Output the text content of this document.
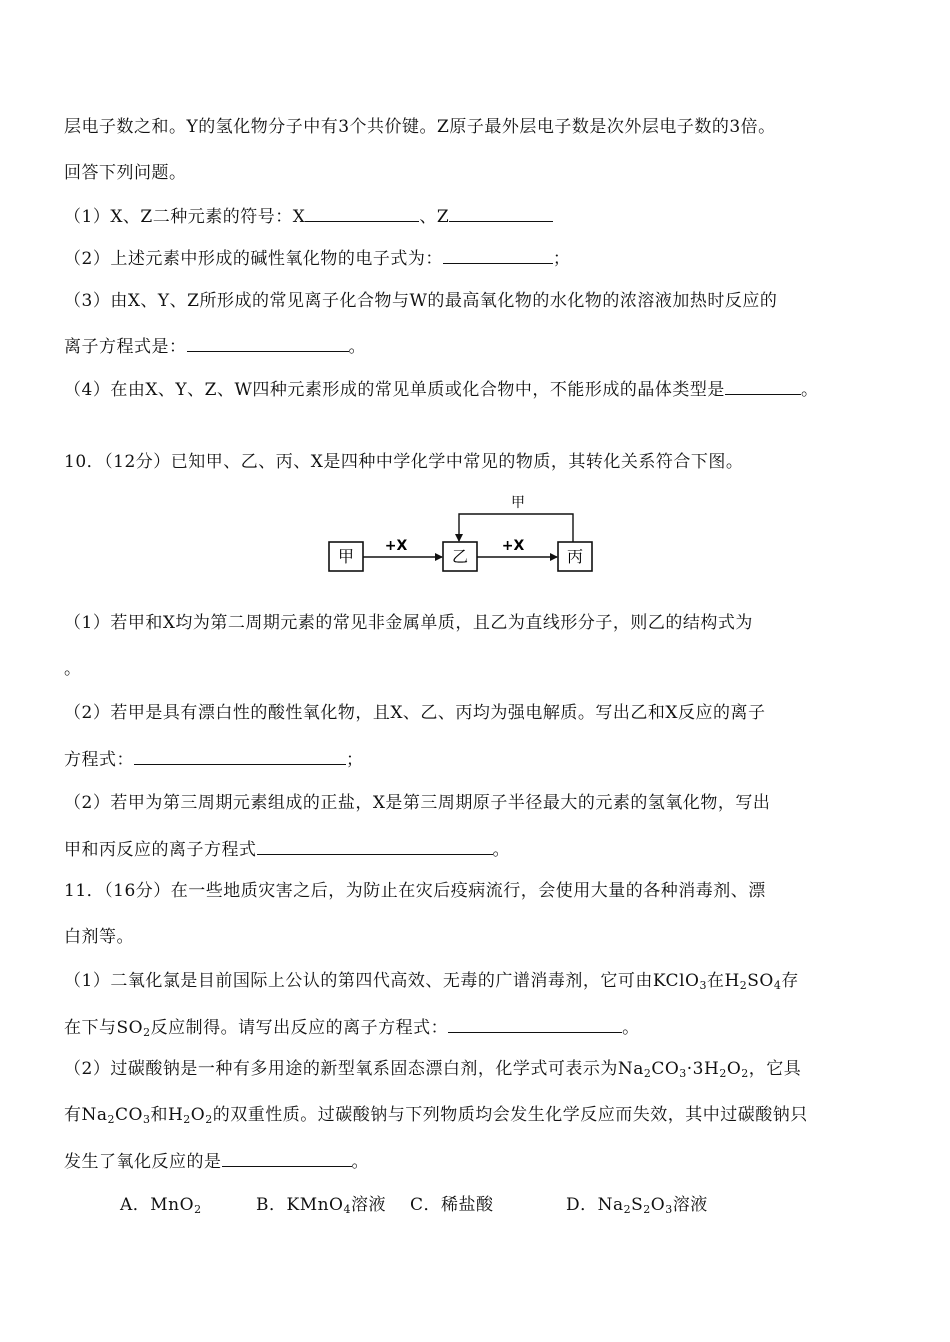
层电子数之和。Y的氢化物分子中有3个共价键。Z原子最外层电子数是次外层电子数的3倍。
回答下列问题。
（1）X、Z二种元素的符号：X	、Z
（2）上述元素中形成的碱性氧化物的电子式为：	；
（3）由X、Y、Z所形成的常见离子化合物与W的最高氧化物的水化物的浓溶液加热时反应的
离子方程式是：	。
（4）在由X、Y、Z、W四种元素形成的常见单质或化合物中，不能形成的晶体类型是	。
10．（12分）已知甲、乙、丙、X是四种中学化学中常见的物质，其转化关系符合下图。
甲	乙	丙
+X	+X
甲
（1）若甲和X均为第二周期元素的常见非金属单质，且乙为直线形分子，则乙的结构式为
。
（2）若甲是具有漂白性的酸性氧化物，且X、乙、丙均为强电解质。写出乙和X反应的离子
方程式：	；
（2）若甲为第三周期元素组成的正盐，X是第三周期原子半径最大的元素的氢氧化物，写出
甲和丙反应的离子方程式	。
11．（16分）在一些地质灾害之后，为防止在灾后疫病流行，会使用大量的各种消毒剂、漂
白剂等。
（1）二氧化氯是目前国际上公认的第四代高效、无毒的广谱消毒剂，它可由KClO$_3$在$H_2SO_4$存
在下与$SO_2$反应制得。请写出反应的离子方程式：	。
（2）过碳酸钠是一种有多用途的新型氧系固态漂白剂，化学式可表示为$Na_2CO_3\cdot 3H_2O_2$，它具
有$Na_2CO_3$和$H_2O_2$的双重性质。过碳酸钠与下列物质均会发生化学反应而失效，其中过碳酸钠只
发生了氧化反应的是	。
A．MnO$_2$	B．KMnO$_4$溶液 C．稀盐酸	D．$Na_2S_2O_3$溶液
